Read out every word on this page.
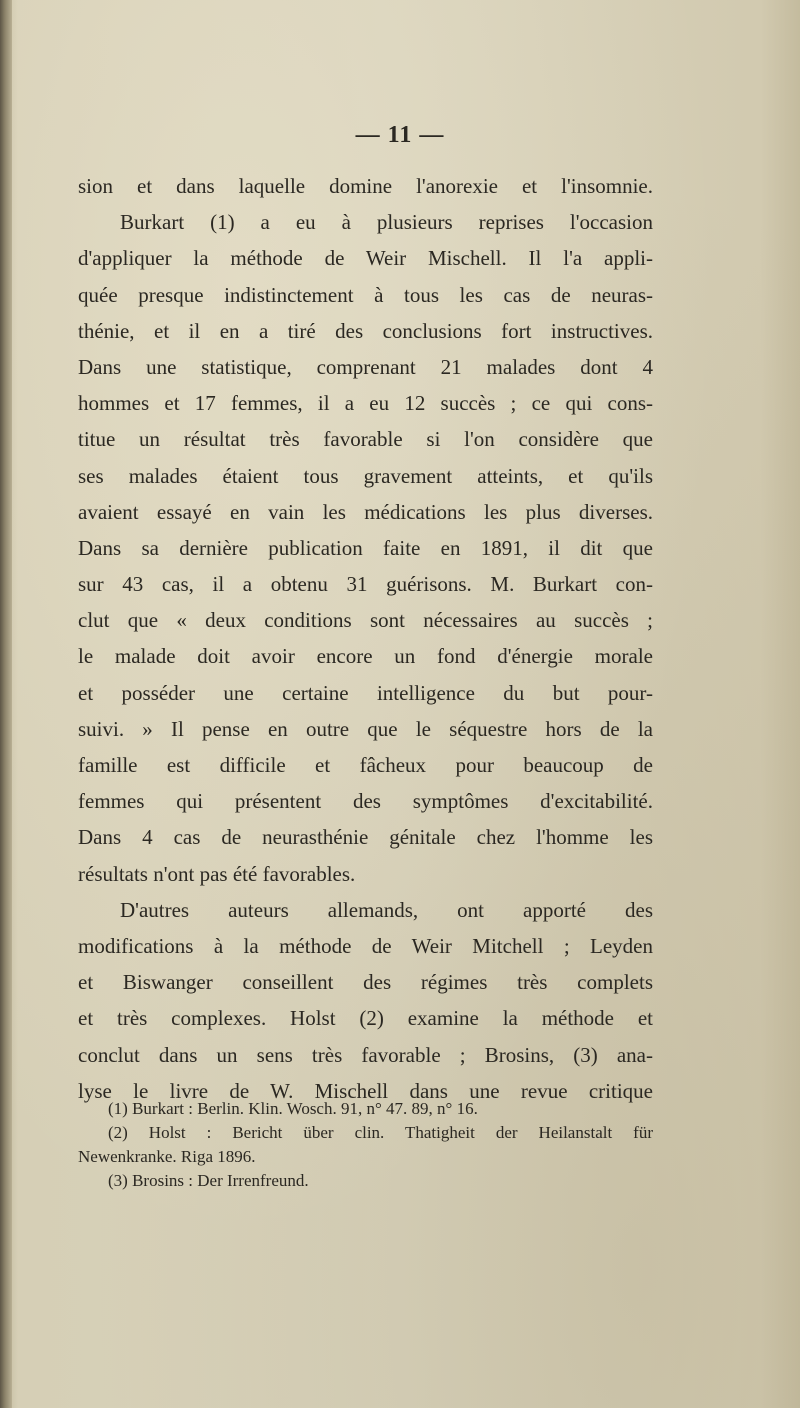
— 11 —
sion et dans laquelle domine l'anorexie et l'insomnie.
Burkart (1) a eu à plusieurs reprises l'occasion
d'appliquer la méthode de Weir Mischell. Il l'a appli-
quée presque indistinctement à tous les cas de neuras-
thénie, et il en a tiré des conclusions fort instructives.
Dans une statistique, comprenant 21 malades dont 4
hommes et 17 femmes, il a eu 12 succès ; ce qui cons-
titue un résultat très favorable si l'on considère que
ses malades étaient tous gravement atteints, et qu'ils
avaient essayé en vain les médications les plus diverses.
Dans sa dernière publication faite en 1891, il dit que
sur 43 cas, il a obtenu 31 guérisons. M. Burkart con-
clut que « deux conditions sont nécessaires au succès ;
le malade doit avoir encore un fond d'énergie morale
et posséder une certaine intelligence du but pour-
suivi. » Il pense en outre que le séquestre hors de la
famille est difficile et fâcheux pour beaucoup de
femmes qui présentent des symptômes d'excitabilité.
Dans 4 cas de neurasthénie génitale chez l'homme les
résultats n'ont pas été favorables.
D'autres auteurs allemands, ont apporté des
modifications à la méthode de Weir Mitchell ; Leyden
et Biswanger conseillent des régimes très complets
et très complexes. Holst (2) examine la méthode et
conclut dans un sens très favorable ; Brosins, (3) ana-
lyse le livre de W. Mischell dans une revue critique
(1) Burkart : Berlin. Klin. Wosch. 91, n° 47. 89, n° 16.
(2) Holst : Bericht über clin. Thatigheit der Heilanstalt für
Newenkranke. Riga 1896.
(3) Brosins : Der Irrenfreund.
